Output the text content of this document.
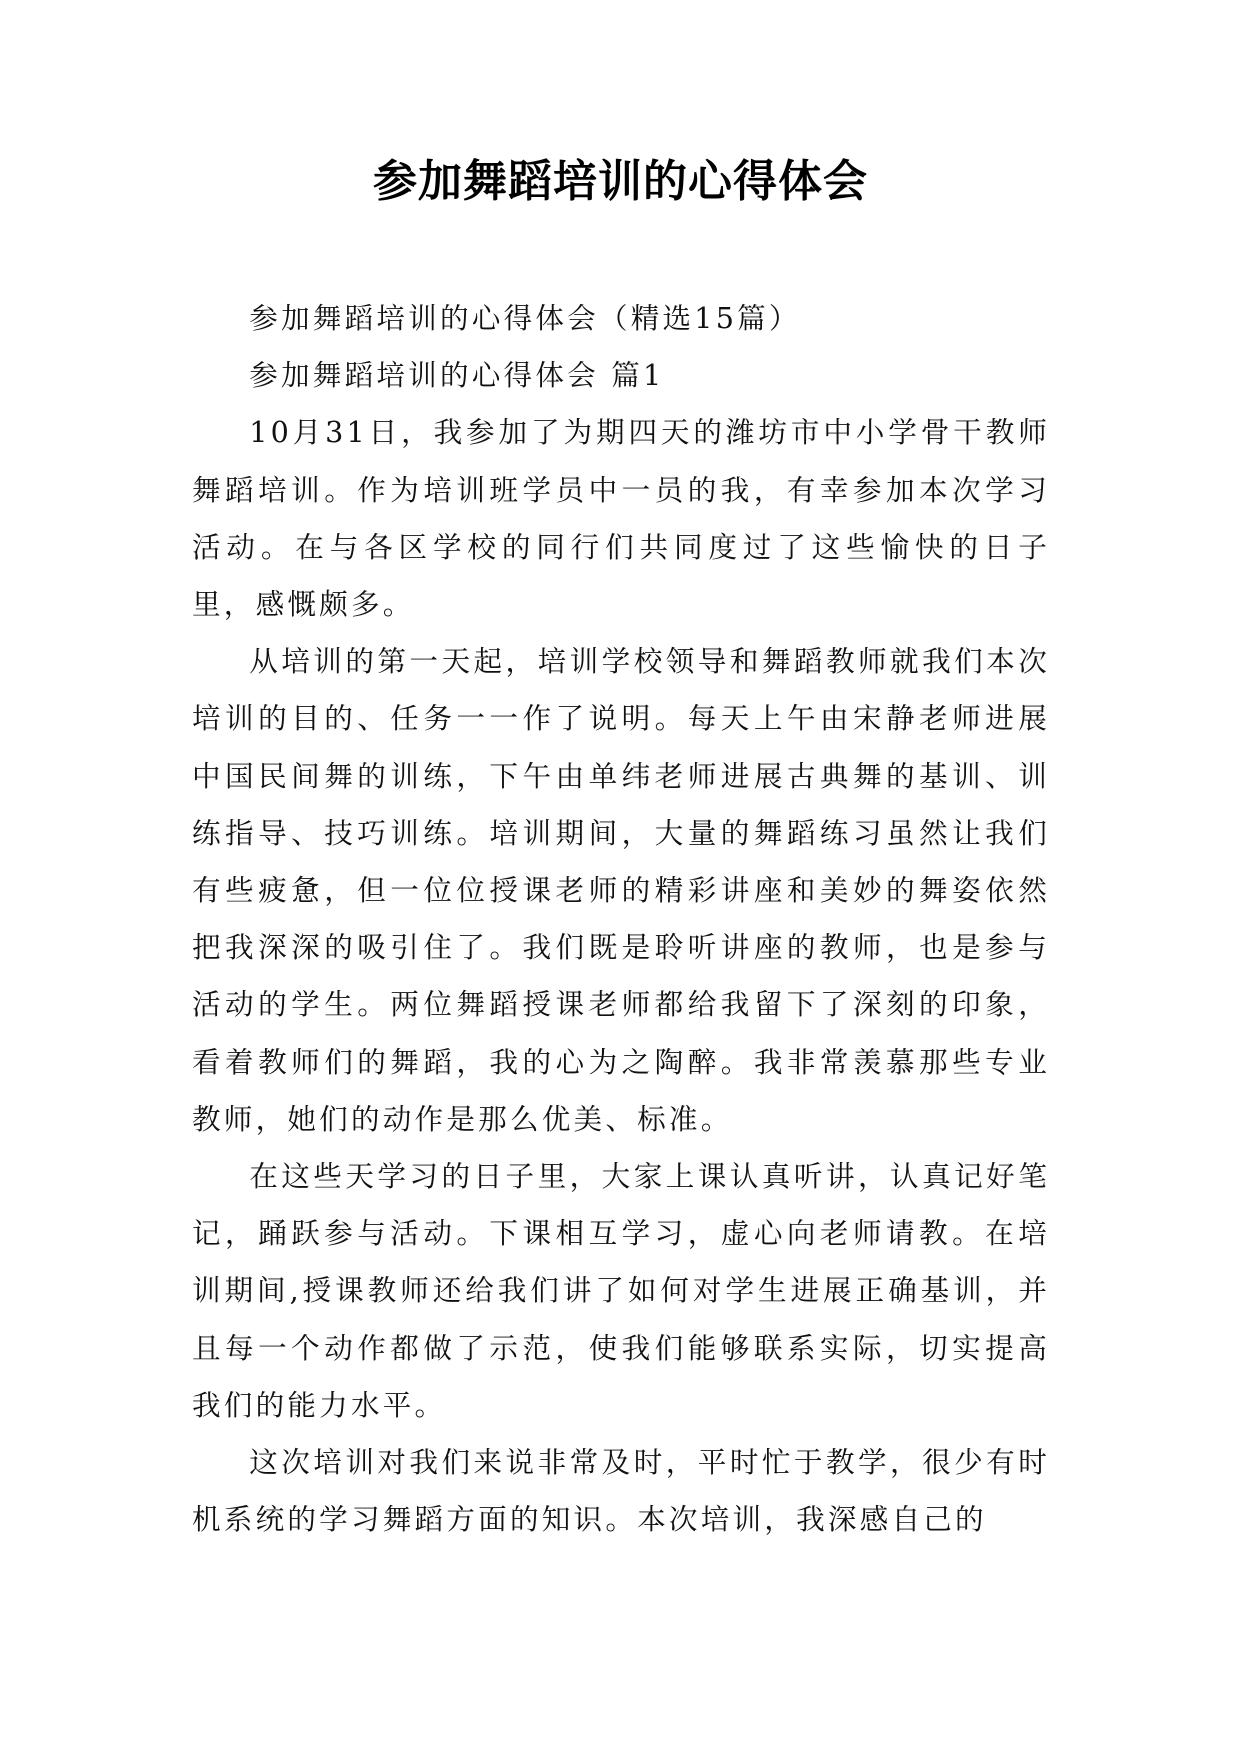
参加舞蹈培训的心得体会

参加舞蹈培训的心得体会（精选15篇）

参加舞蹈培训的心得体会 篇1

10月31日，我参加了为期四天的潍坊市中小学骨干教师舞蹈培训。作为培训班学员中一员的我，有幸参加本次学习活动。在与各区学校的同行们共同度过了这些愉快的日子里，感慨颇多。

从培训的第一天起，培训学校领导和舞蹈教师就我们本次培训的目的、任务一一作了说明。每天上午由宋静老师进展中国民间舞的训练，下午由单纬老师进展古典舞的基训、训练指导、技巧训练。培训期间，大量的舞蹈练习虽然让我们有些疲惫，但一位位授课老师的精彩讲座和美妙的舞姿依然把我深深的吸引住了。我们既是聆听讲座的教师，也是参与活动的学生。两位舞蹈授课老师都给我留下了深刻的印象，看着教师们的舞蹈，我的心为之陶醉。我非常羡慕那些专业教师，她们的动作是那么优美、标准。

在这些天学习的日子里，大家上课认真听讲，认真记好笔记，踊跃参与活动。下课相互学习，虚心向老师请教。在培训期间,授课教师还给我们讲了如何对学生进展正确基训，并且每一个动作都做了示范，使我们能够联系实际，切实提高我们的能力水平。

这次培训对我们来说非常及时，平时忙于教学，很少有时机系统的学习舞蹈方面的知识。本次培训，我深感自己的
